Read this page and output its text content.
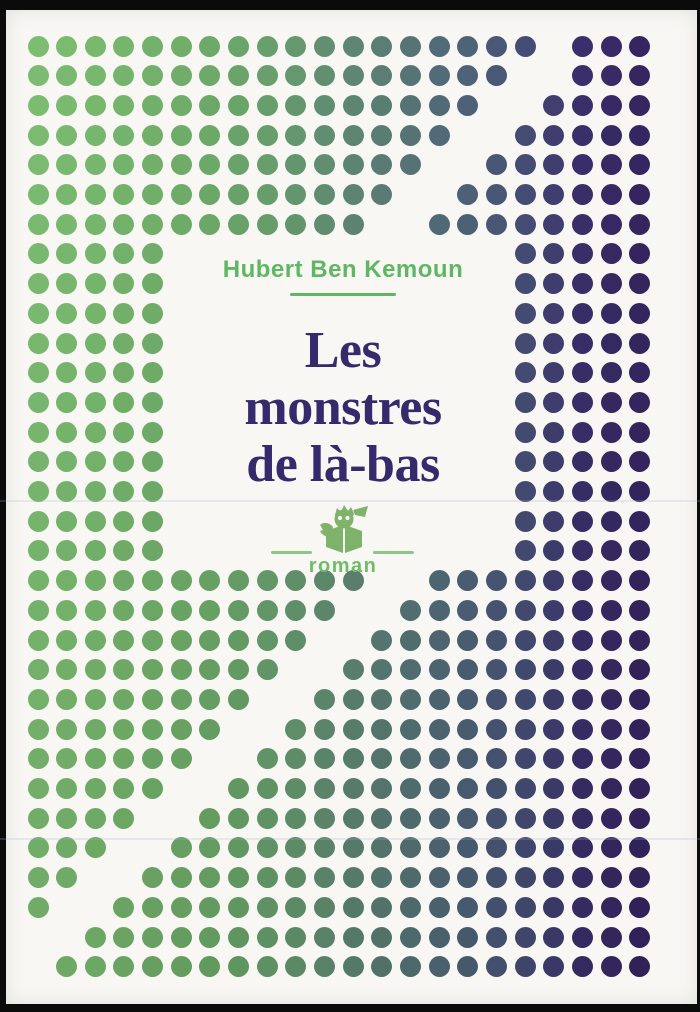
Hubert Ben Kemoun
Les
monstres
de là-bas
roman
